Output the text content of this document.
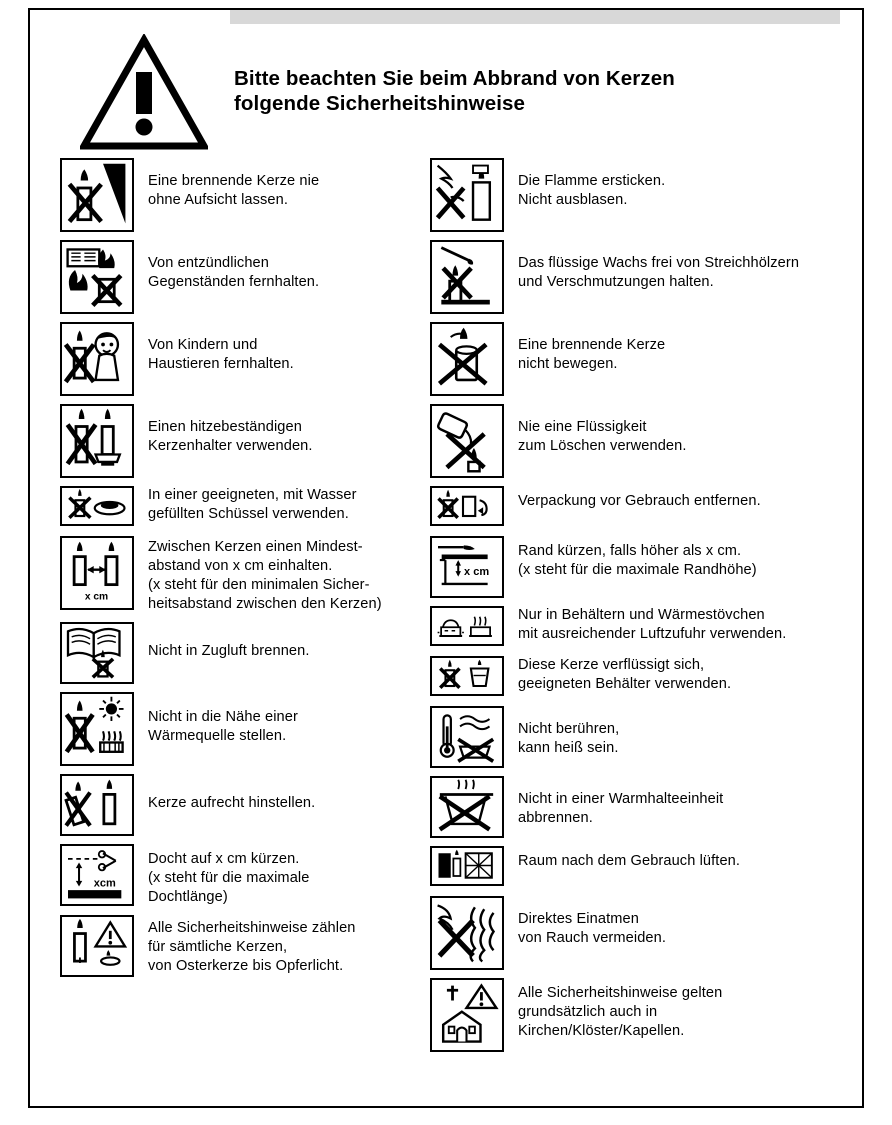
Bitte beachten Sie beim Abbrand von Kerzen
folgende Sicherheitshinweise
Eine brennende Kerze nie
ohne Aufsicht lassen.
Von entzündlichen
Gegenständen fernhalten.
Von Kindern und
Haustieren fernhalten.
Einen hitzebeständigen
Kerzenhalter verwenden.
In einer geeigneten, mit Wasser
gefüllten Schüssel verwenden.
x cm
Zwischen Kerzen einen Mindest-
abstand von x cm einhalten.
(x steht für den minimalen Sicher-
heitsabstand zwischen den Kerzen)
Nicht in Zugluft brennen.
Nicht in die Nähe einer
Wärmequelle stellen.
Kerze aufrecht hinstellen.
xcm
Docht auf x cm kürzen.
(x steht für die maximale
Dochtlänge)
Alle Sicherheitshinweise zählen
für sämtliche Kerzen,
von Osterkerze bis Opferlicht.
Die Flamme ersticken.
Nicht ausblasen.
Das flüssige Wachs frei von Streichhölzern
und Verschmutzungen halten.
Eine brennende Kerze
nicht bewegen.
Nie eine Flüssigkeit
zum Löschen verwenden.
Verpackung vor Gebrauch entfernen.
x cm
Rand kürzen, falls höher als x cm.
(x steht für die maximale Randhöhe)
Nur in Behältern und Wärmestövchen
mit ausreichender Luftzufuhr verwenden.
Diese Kerze verflüssigt sich,
geeigneten Behälter verwenden.
Nicht berühren,
kann heiß sein.
Nicht in einer Warmhalteeinheit
abbrennen.
Raum nach dem Gebrauch lüften.
Direktes Einatmen
von Rauch vermeiden.
Alle Sicherheitshinweise gelten
grundsätzlich auch in
Kirchen/Klöster/Kapellen.
